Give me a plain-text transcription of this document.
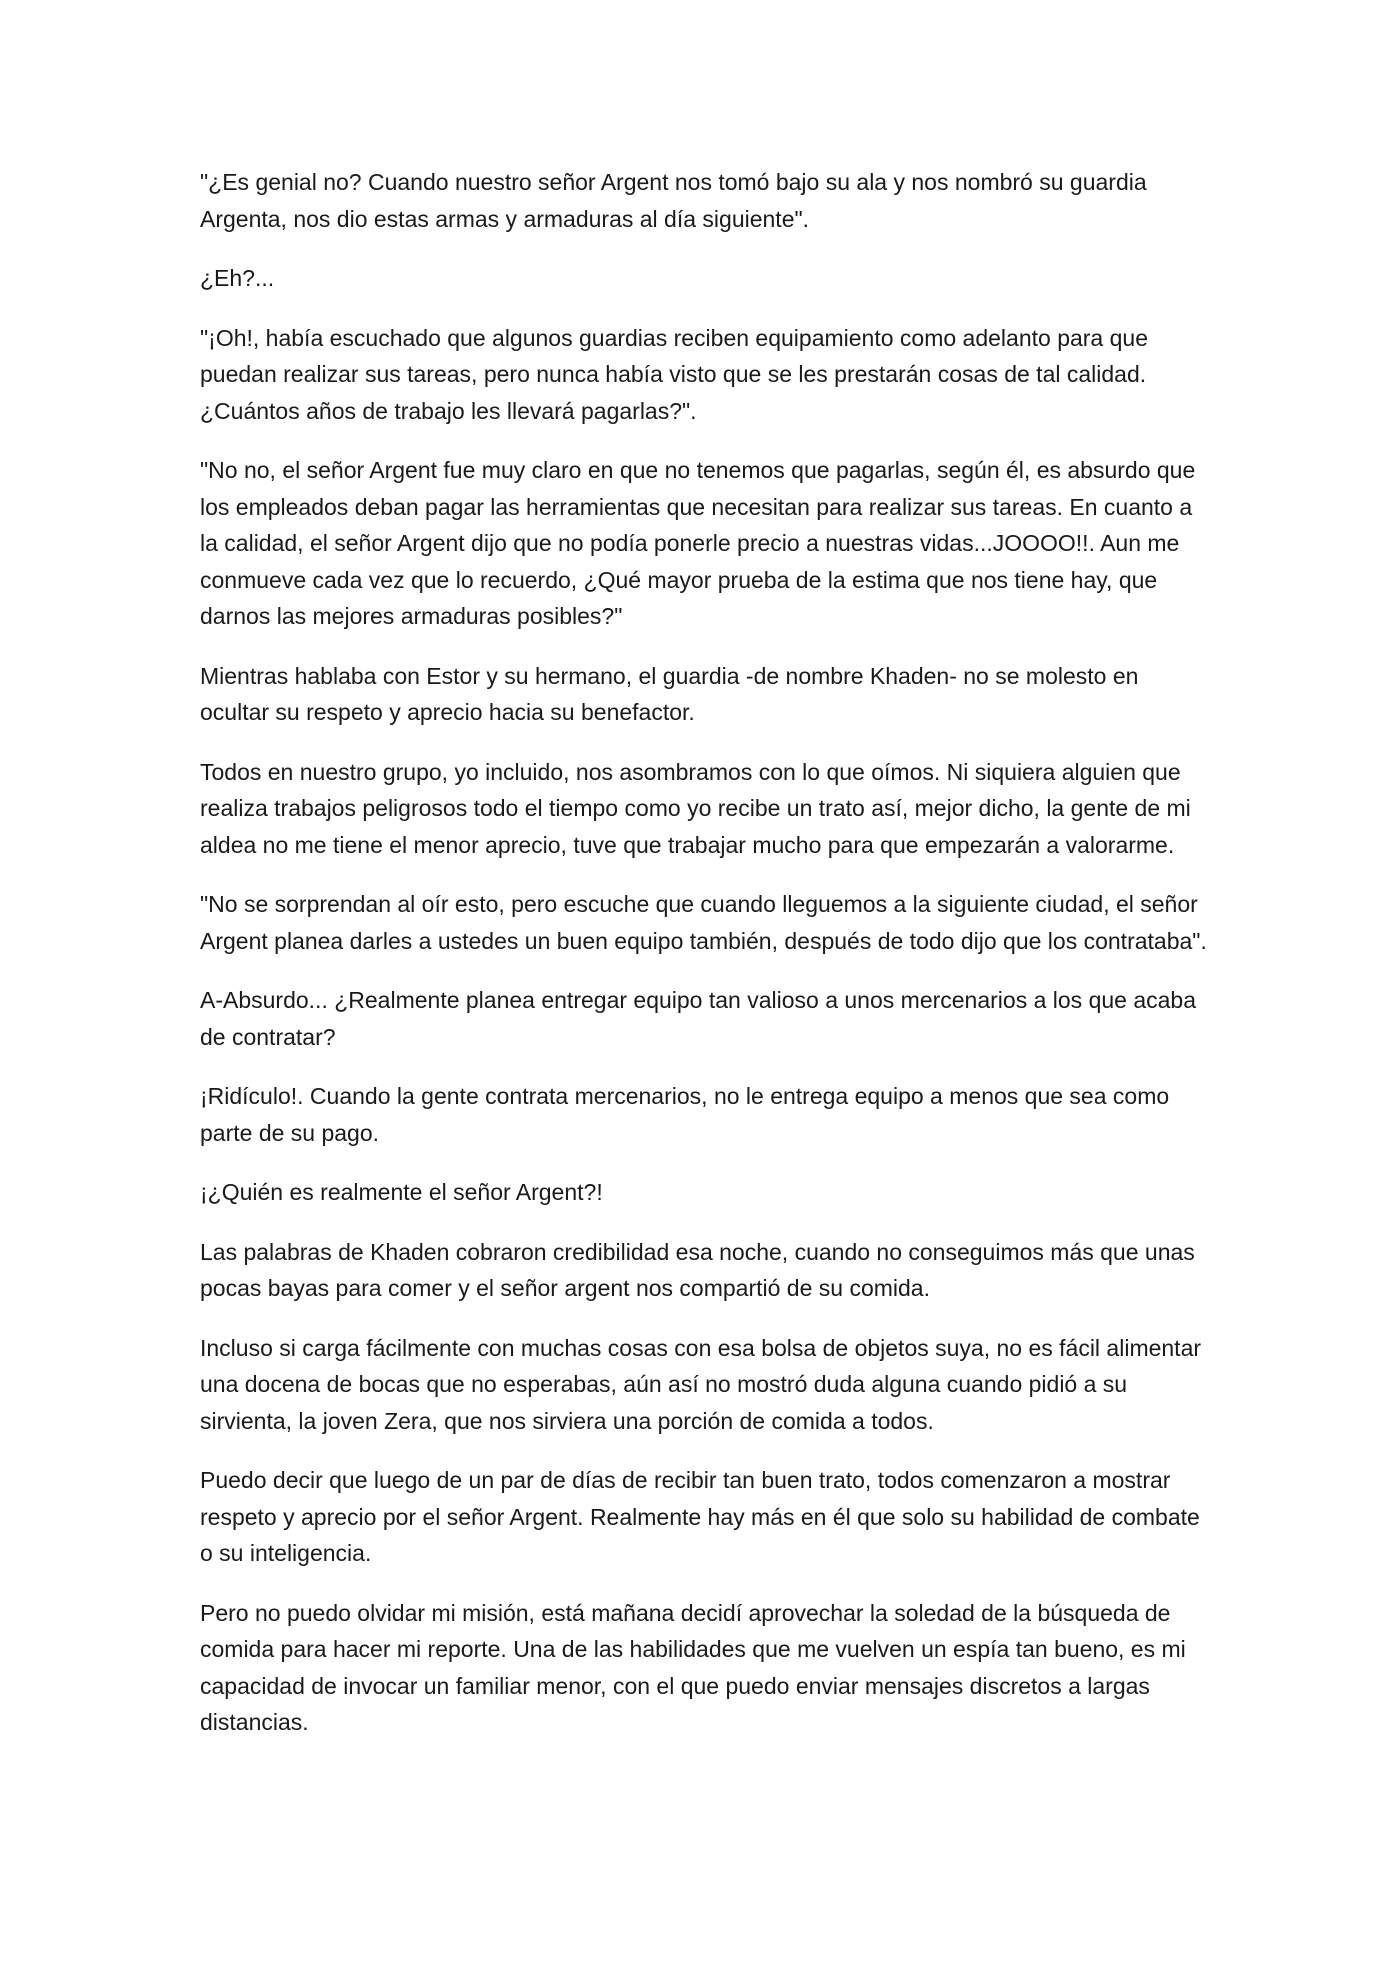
"¿Es genial no? Cuando nuestro señor Argent nos tomó bajo su ala y nos nombró su guardia Argenta, nos dio estas armas y armaduras al día siguiente".

¿Eh?...

"¡Oh!, había escuchado que algunos guardias reciben equipamiento como adelanto para que puedan realizar sus tareas, pero nunca había visto que se les prestarán cosas de tal calidad. ¿Cuántos años de trabajo les llevará pagarlas?".

"No no, el señor Argent fue muy claro en que no tenemos que pagarlas, según él, es absurdo que los empleados deban pagar las herramientas que necesitan para realizar sus tareas. En cuanto a la calidad, el señor Argent dijo que no podía ponerle precio a nuestras vidas...JOOOO!!. Aun me conmueve cada vez que lo recuerdo, ¿Qué mayor prueba de la estima que nos tiene hay, que darnos las mejores armaduras posibles?"

Mientras hablaba con Estor y su hermano, el guardia -de nombre Khaden- no se molesto en ocultar su respeto y aprecio hacia su benefactor.

Todos en nuestro grupo, yo incluido, nos asombramos con lo que oímos. Ni siquiera alguien que realiza trabajos peligrosos todo el tiempo como yo recibe un trato así, mejor dicho, la gente de mi aldea no me tiene el menor aprecio, tuve que trabajar mucho para que empezarán a valorarme.

"No se sorprendan al oír esto, pero escuche que cuando lleguemos a la siguiente ciudad, el señor Argent planea darles a ustedes un buen equipo también, después de todo dijo que los contrataba".

A-Absurdo... ¿Realmente planea entregar equipo tan valioso a unos mercenarios a los que acaba de contratar?

¡Ridículo!. Cuando la gente contrata mercenarios, no le entrega equipo a menos que sea como parte de su pago.

¡¿Quién es realmente el señor Argent?!

Las palabras de Khaden cobraron credibilidad esa noche, cuando no conseguimos más que unas pocas bayas para comer y el señor argent nos compartió de su comida.

Incluso si carga fácilmente con muchas cosas con esa bolsa de objetos suya, no es fácil alimentar una docena de bocas que no esperabas, aún así no mostró duda alguna cuando pidió a su sirvienta, la joven Zera, que nos sirviera una porción de comida a todos.

Puedo decir que luego de un par de días de recibir tan buen trato, todos comenzaron a mostrar respeto y aprecio por el señor Argent. Realmente hay más en él que solo su habilidad de combate o su inteligencia.

Pero no puedo olvidar mi misión, está mañana decidí aprovechar la soledad de la búsqueda de comida para hacer mi reporte. Una de las habilidades que me vuelven un espía tan bueno, es mi capacidad de invocar un familiar menor, con el que puedo enviar mensajes discretos a largas distancias.
